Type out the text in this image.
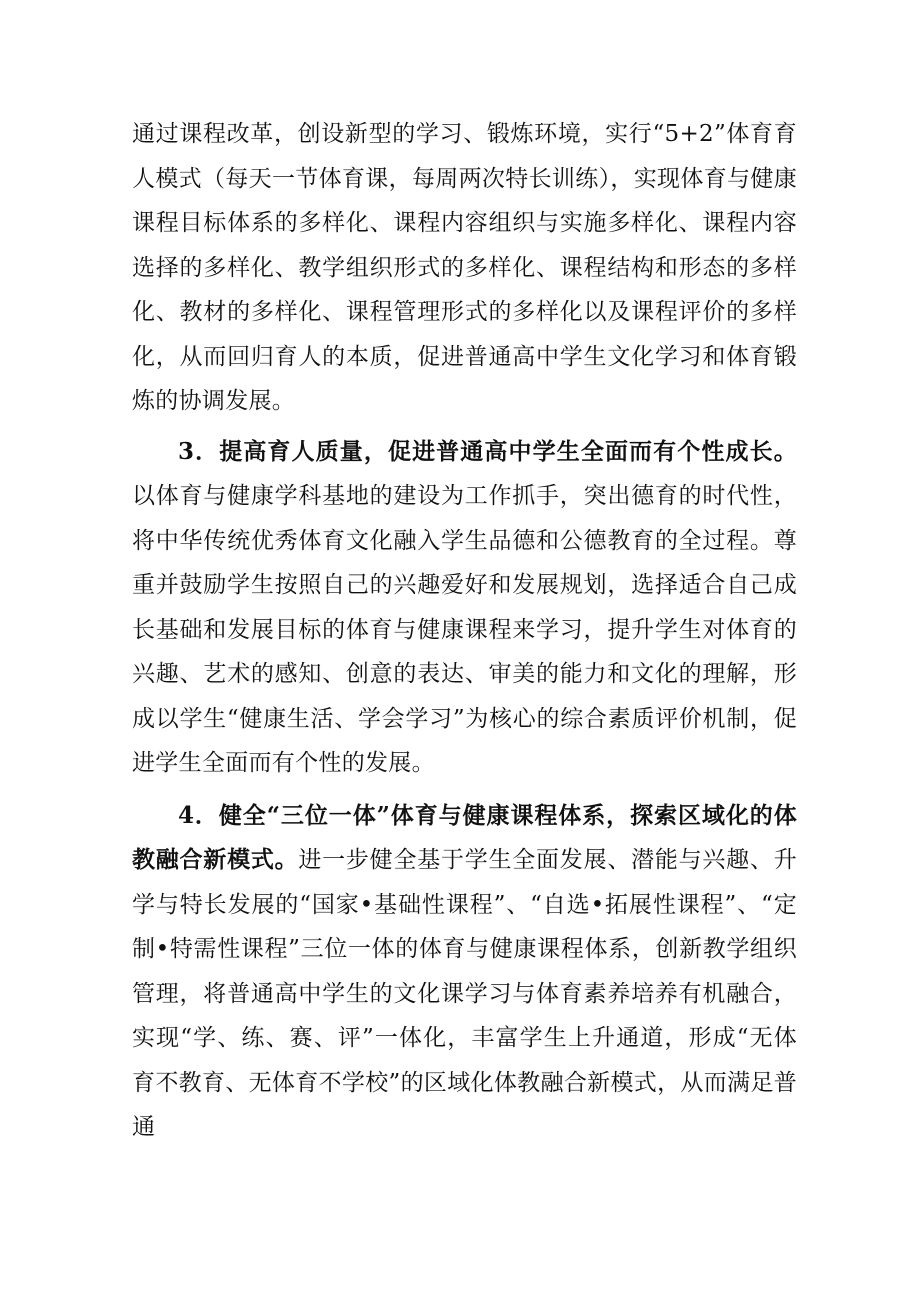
通过课程改革，创设新型的学习、锻炼环境，实行“5+2”体育育人模式（每天一节体育课，每周两次特长训练），实现体育与健康课程目标体系的多样化、课程内容组织与实施多样化、课程内容选择的多样化、教学组织形式的多样化、课程结构和形态的多样化、教材的多样化、课程管理形式的多样化以及课程评价的多样化，从而回归育人的本质，促进普通高中学生文化学习和体育锻炼的协调发展。

3．提高育人质量，促进普通高中学生全面而有个性成长。以体育与健康学科基地的建设为工作抓手，突出德育的时代性，将中华传统优秀体育文化融入学生品德和公德教育的全过程。尊重并鼓励学生按照自己的兴趣爱好和发展规划，选择适合自己成长基础和发展目标的体育与健康课程来学习，提升学生对体育的兴趣、艺术的感知、创意的表达、审美的能力和文化的理解，形成以学生“健康生活、学会学习”为核心的综合素质评价机制，促进学生全面而有个性的发展。

4．健全“三位一体”体育与健康课程体系，探索区域化的体教融合新模式。进一步健全基于学生全面发展、潜能与兴趣、升学与特长发展的“国家•基础性课程”、“自选•拓展性课程”、“定制•特需性课程”三位一体的体育与健康课程体系，创新教学组织管理，将普通高中学生的文化课学习与体育素养培养有机融合，实现“学、练、赛、评”一体化，丰富学生上升通道，形成“无体育不教育、无体育不学校”的区域化体教融合新模式，从而满足普通
